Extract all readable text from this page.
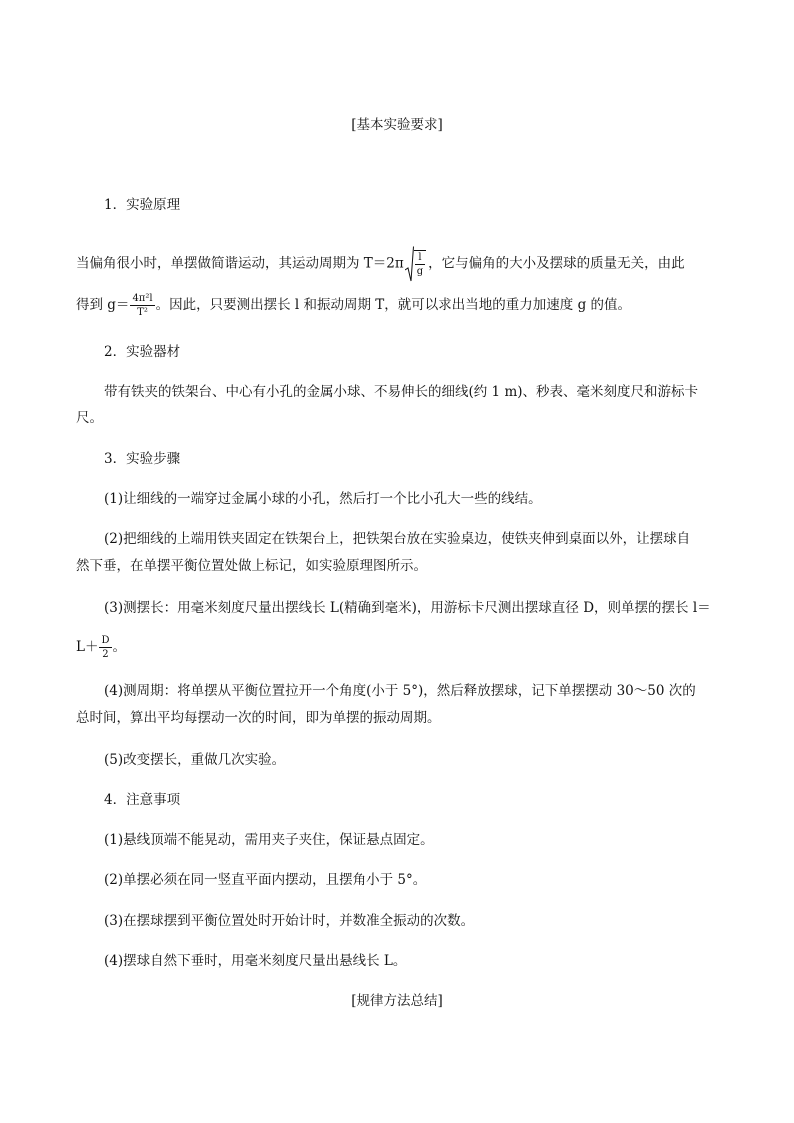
[基本实验要求]
1．实验原理
当偏角很小时，单摆做简谐运动，其运动周期为 $T=2\pi \frac{l}{g}$ ，它与偏角的大小及摆球的质量无关，由此
得到 $g= \frac{\text{4π²l}}{\text{T²}}$ 。因此，只要测出摆长 l 和振动周期 T，就可以求出当地的重力加速度 g 的值。
2．实验器材
带有铁夹的铁架台、中心有小孔的金属小球、不易伸长的细线(约 1 m)、秒表、毫米刻度尺和游标卡
尺。
3．实验步骤
(1)让细线的一端穿过金属小球的小孔，然后打一个比小孔大一些的线结。
(2)把细线的上端用铁夹固定在铁架台上，把铁架台放在实验桌边，使铁夹伸到桌面以外，让摆球自
然下垂，在单摆平衡位置处做上标记，如实验原理图所示。
(3)测摆长：用毫米刻度尺量出摆线长 L(精确到毫米)，用游标卡尺测出摆球直径 D，则单摆的摆长 l＝
$L+ \frac{D}{2}$ 。
(4)测周期：将单摆从平衡位置拉开一个角度(小于 5°)，然后释放摆球，记下单摆摆动 30～50 次的
总时间，算出平均每摆动一次的时间，即为单摆的振动周期。
(5)改变摆长，重做几次实验。
4．注意事项
(1)悬线顶端不能晃动，需用夹子夹住，保证悬点固定。
(2)单摆必须在同一竖直平面内摆动，且摆角小于 5°。
(3)在摆球摆到平衡位置处时开始计时，并数准全振动的次数。
(4)摆球自然下垂时，用毫米刻度尺量出悬线长 L。
[规律方法总结]
